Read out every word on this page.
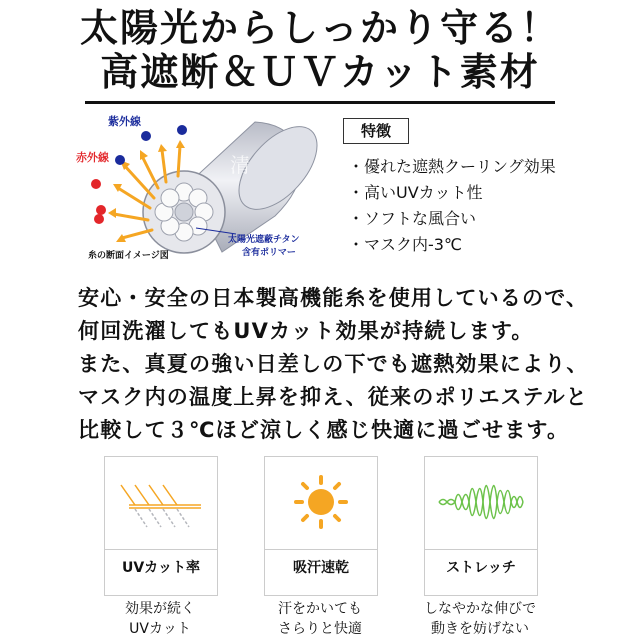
太陽光からしっかり守る！
高遮断＆ＵＶカット素材
紫外線
赤外線
糸の断面イメージ図
太陽光遮蔽チタン
含有ポリマー
清
特徴
・ 優れた遮熱クーリング効果
・ 高いUVカット性
・ ソフトな風合い
・ マスク内-3℃
安心・安全の日本製高機能糸を使用しているので、
何回洗濯してもUVカット効果が持続します。
また、真夏の強い日差しの下でも遮熱効果により、
マスク内の温度上昇を抑え、従来のポリエステルと
比較して３℃ほど涼しく感じ快適に過ごせます。
UVカット率
効果が続く
UVカット
吸汗速乾
汗をかいても
さらりと快適
ストレッチ
しなやかな伸びで
動きを妨げない
